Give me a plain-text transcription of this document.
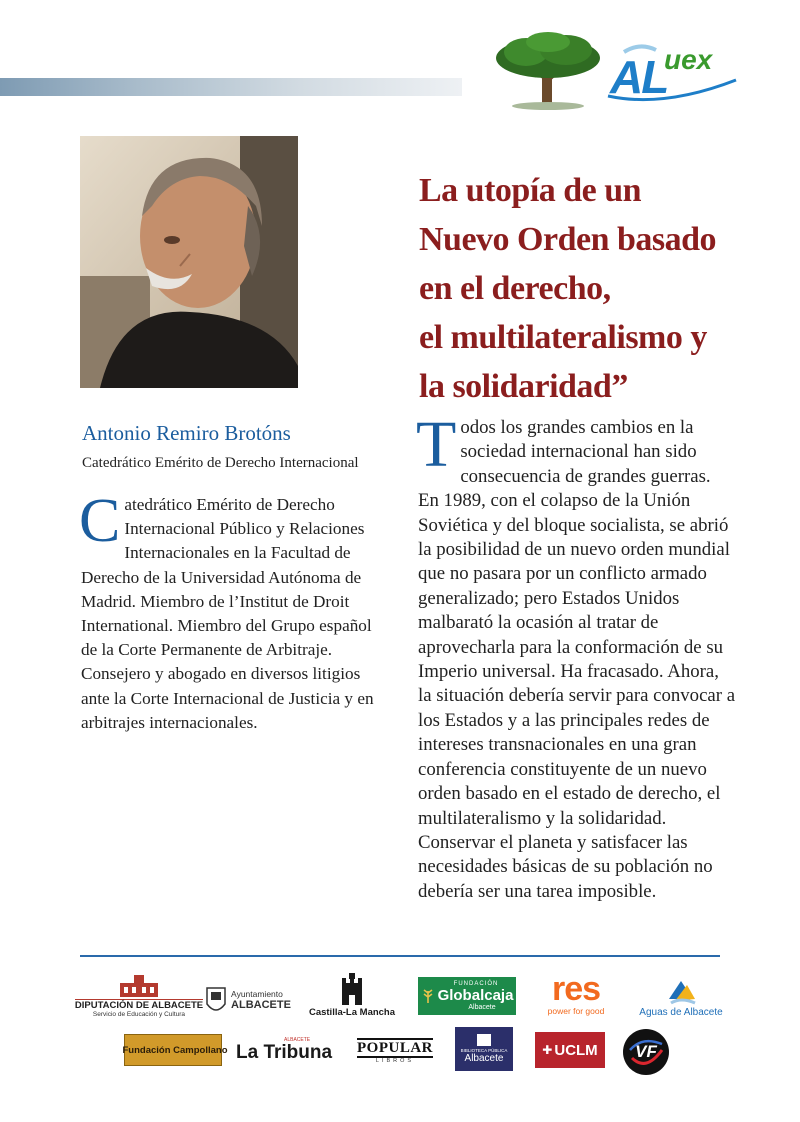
AL
uex
Antonio Remiro Brotóns
Catedrático Emérito de Derecho Internacional
Catedrático Emérito de Derecho Internacional Público y Relaciones Internacionales en la Facultad de Derecho de la Universidad Autónoma de Madrid. Miembro de l’Institut de Droit International. Miembro del Grupo español de la Corte Permanente de Arbitraje. Consejero y abogado en diversos litigios ante la Corte Internacional de Justicia y en arbitrajes internacionales.
La utopía de un
Nuevo Orden basado
en el derecho,
el multilateralismo y
la solidaridad”
Todos los grandes cambios en la sociedad internacional han sido consecuencia de grandes guerras. En 1989, con el colapso de la Unión Soviética y del bloque socialista, se abrió la posibilidad de un nuevo orden mundial que no pasara por un conflicto armado generalizado; pero Estados Unidos malbarató la ocasión al tratar de aprovecharla para la conformación de su Imperio universal. Ha fracasado. Ahora, la situación debería servir para convocar a los Estados y a las principales redes de intereses transnacionales en una gran conferencia constituyente de un nuevo orden basado en el estado de derecho, el multilateralismo y la solidaridad. Conservar el planeta y satisfacer las necesidades básicas de su población no debería ser una tarea imposible.
DIPUTACIÓN DE ALBACETE
Servicio de Educación y Cultura
Ayuntamiento
ALBACETE
Castilla-La Mancha
FUNDACIÓN
Globalcaja
Albacete res
power for good	Aguas de Albacete
Fundación Campollano
ALBACETE
La Tribuna POPULAR
LIBROS
BIBLIOTECA PÚBLICA
Albacete
✚ UCLM VF
